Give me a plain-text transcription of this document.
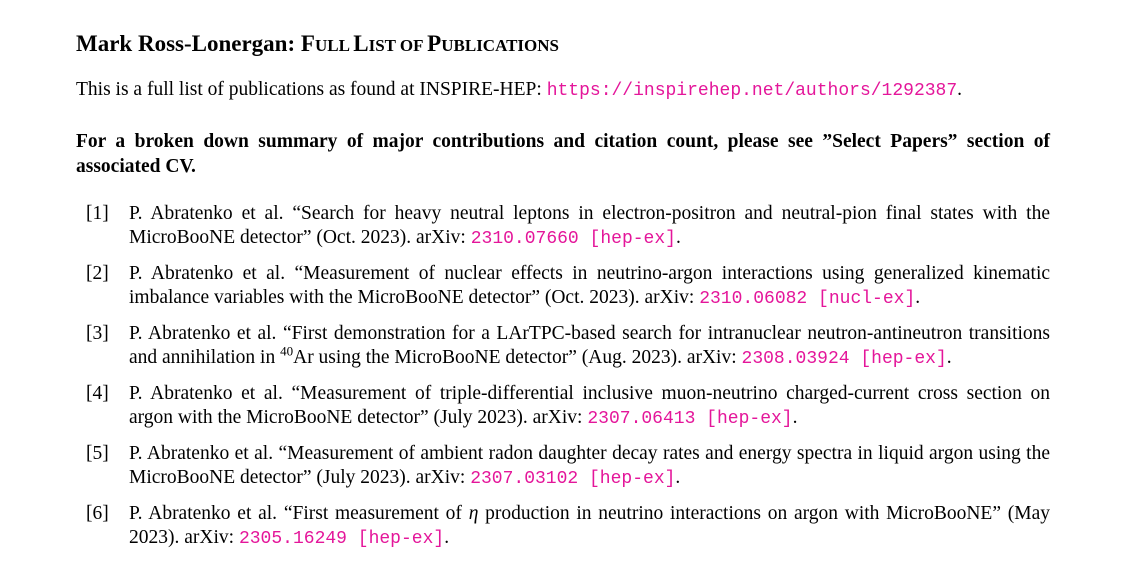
Mark Ross-Lonergan: FULL LIST OF PUBLICATIONS

This is a full list of publications as found at INSPIRE-HEP: https://inspirehep.net/authors/1292387.

For a broken down summary of major contributions and citation count, please see ”Select Papers” section of associated CV.

[1] P. Abratenko et al. “Search for heavy neutral leptons in electron-positron and neutral-pion final states with the MicroBooNE detector” (Oct. 2023). arXiv: 2310.07660 [hep-ex].
[2] P. Abratenko et al. “Measurement of nuclear effects in neutrino-argon interactions using generalized kinematic imbalance variables with the MicroBooNE detector” (Oct. 2023). arXiv: 2310.06082 [nucl-ex].
[3] P. Abratenko et al. “First demonstration for a LArTPC-based search for intranuclear neutron-antineutron transitions and annihilation in $^{40}$Ar using the MicroBooNE detector” (Aug. 2023). arXiv: 2308.03924 [hep-ex].
[4] P. Abratenko et al. “Measurement of triple-differential inclusive muon-neutrino charged-current cross section on argon with the MicroBooNE detector” (July 2023). arXiv: 2307.06413 [hep-ex].
[5] P. Abratenko et al. “Measurement of ambient radon daughter decay rates and energy spectra in liquid argon using the MicroBooNE detector” (July 2023). arXiv: 2307.03102 [hep-ex].
[6] P. Abratenko et al. “First measurement of η production in neutrino interactions on argon with MicroBooNE” (May 2023). arXiv: 2305.16249 [hep-ex].
